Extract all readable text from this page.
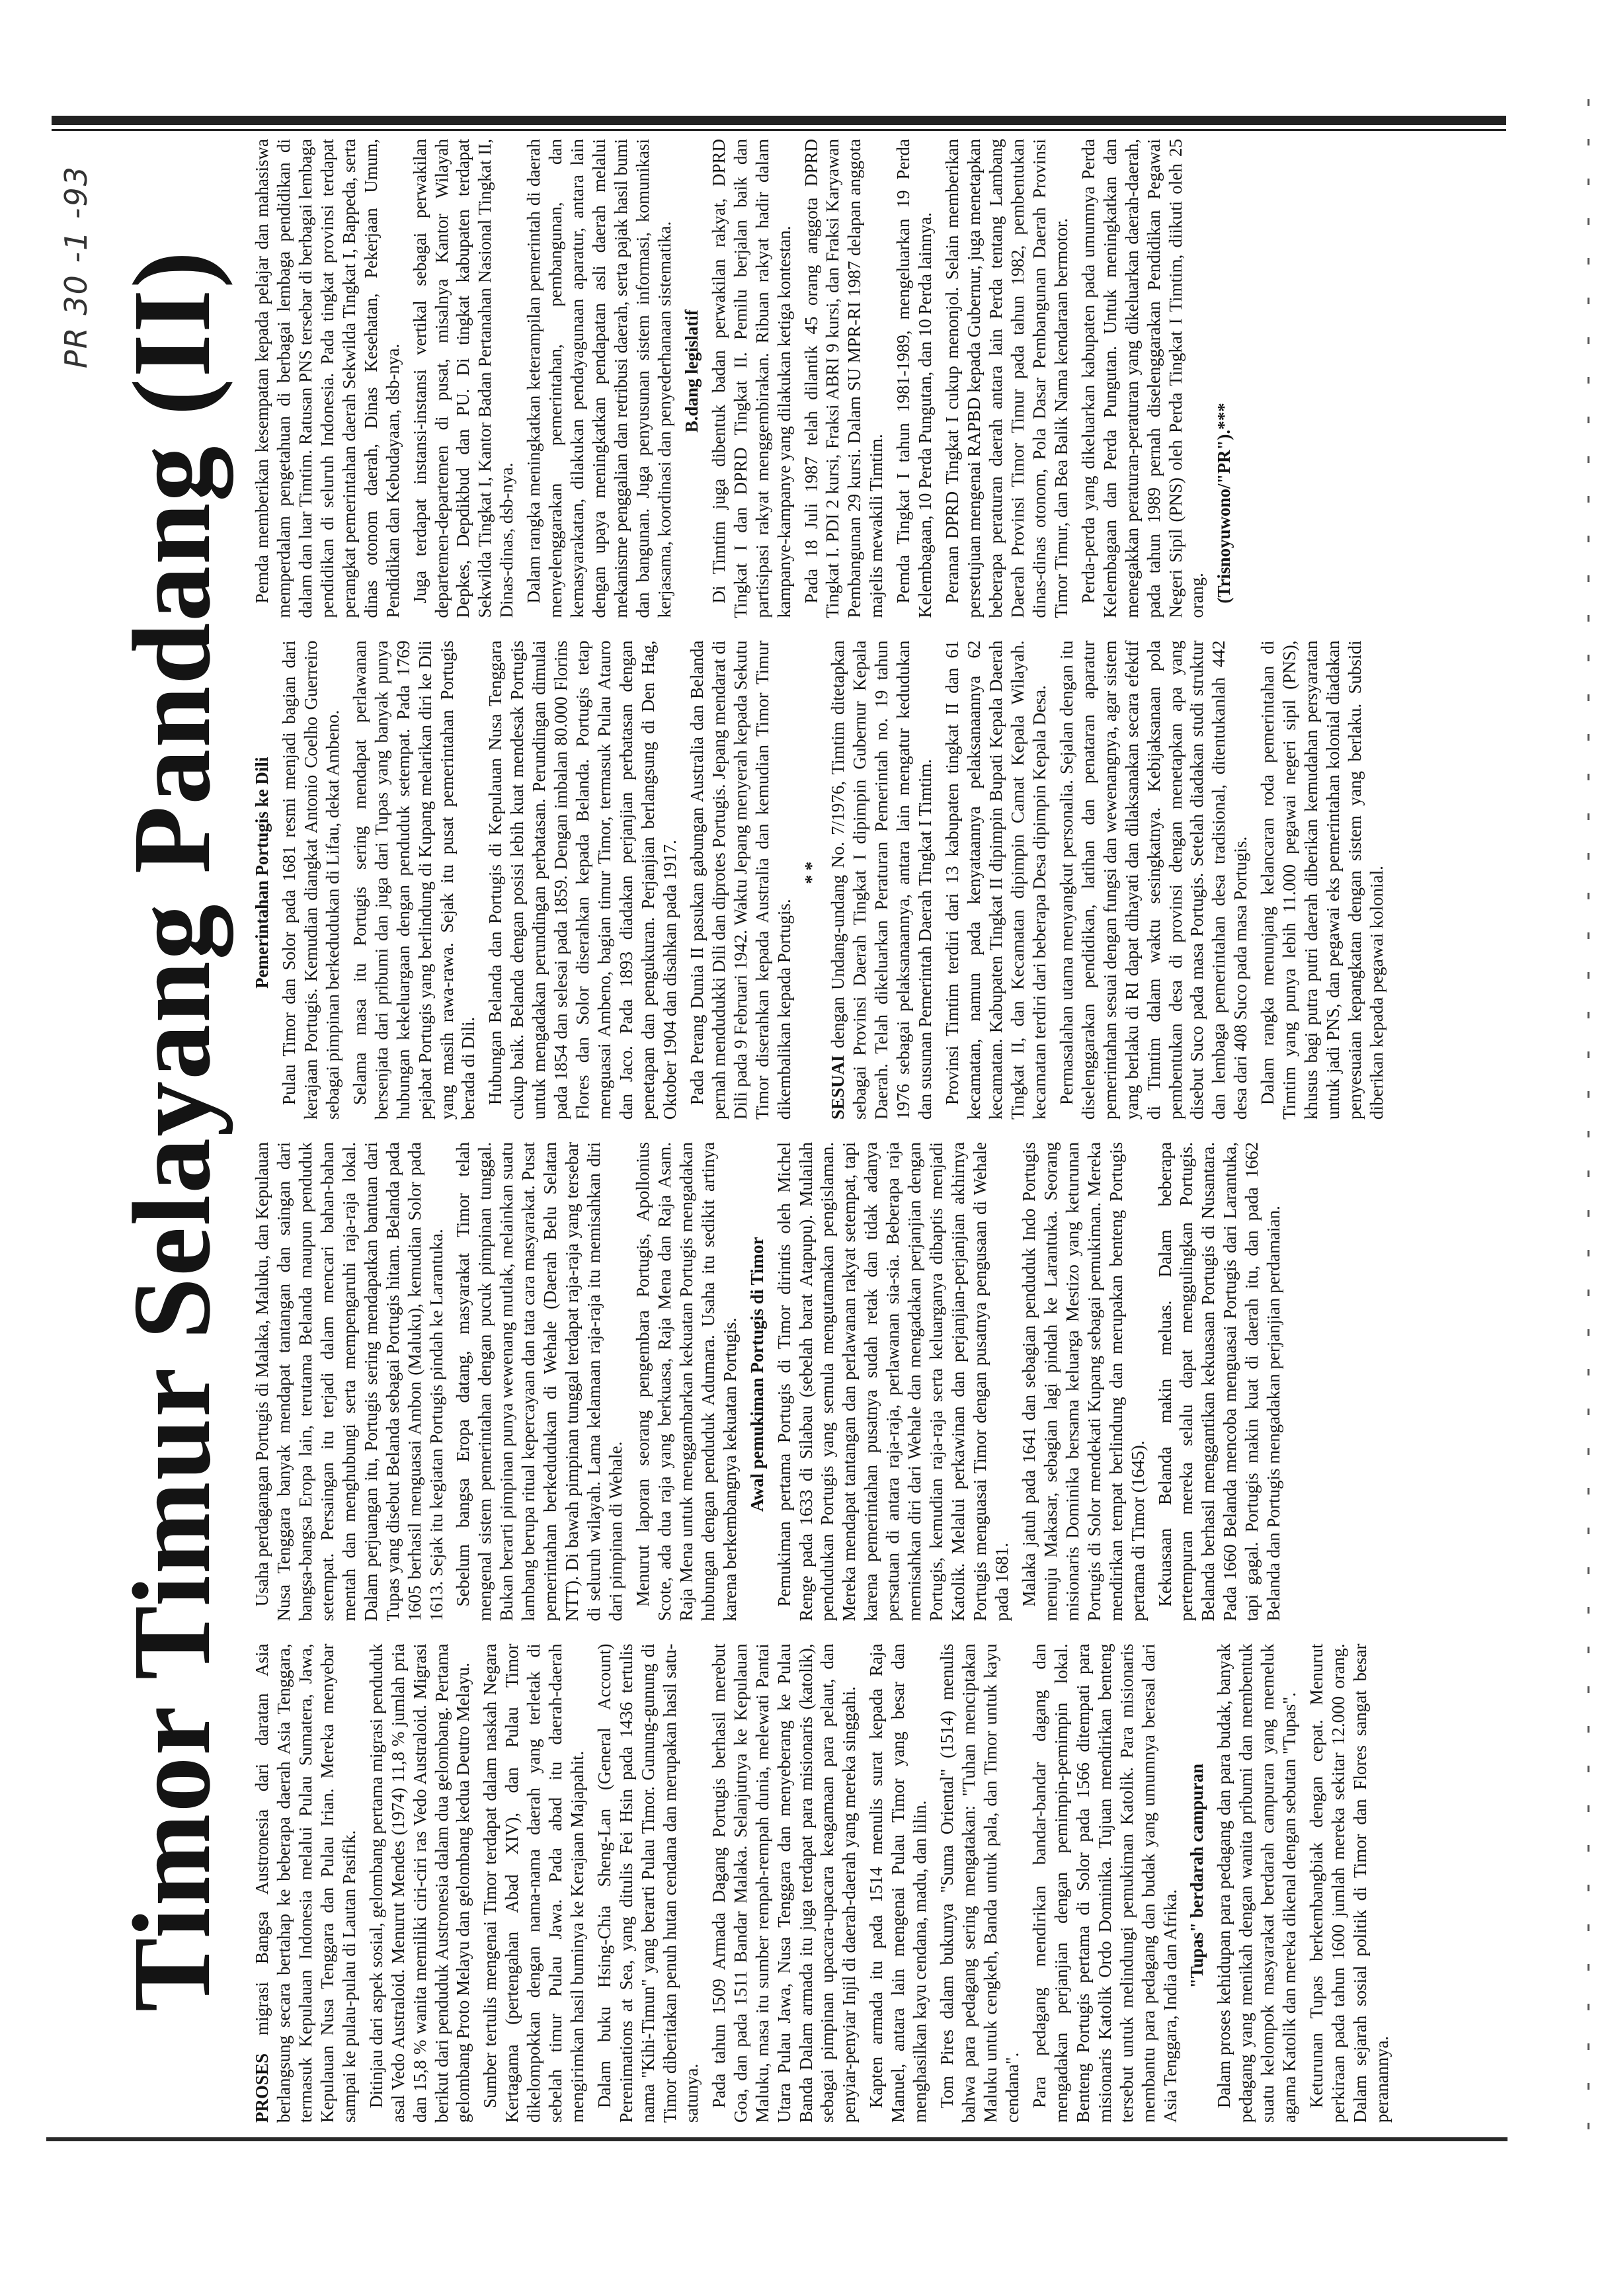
PR 30 -1 -93 Timor Timur Selayang Pandang (II)

PROSES migrasi Bangsa Austronesia dari daratan Asia berlangsung secara bertahap ke beberapa daerah Asia Tenggara, termasuk Kepulauan Indonesia melalui Pulau Sumatera, Jawa, Kepulauan Nusa Tenggara dan Pulau Irian. Mereka menyebar sampai ke pulau-pulau di Lautan Pasifik. Ditinjau dari aspek sosial, gelombang pertama migrasi penduduk asal Vedo Australoid. Menurut Mendes (1974) 11,8 % jumlah pria dan 15,8 % wanita memiliki ciri-ciri ras Vedo Australoid. Migrasi berikut dari penduduk Austronesia dalam dua gelombang. Pertama gelombang Proto Melayu dan gelombang kedua Deutro Melayu. Sumber tertulis mengenai Timor terdapat dalam naskah Negara Kertagama (pertengahan Abad XIV), dan Pulau Timor dikelompokkan dengan nama-nama daerah yang terletak di sebelah timur Pulau Jawa. Pada abad itu daerah-daerah mengirimkan hasil buminya ke Kerajaan Majapahit. Dalam buku Hsing-Chia Sheng-Lan (General Account) Perenimations at Sea, yang ditulis Fei Hsin pada 1436 tertulis nama "Kihi-Timun" yang berarti Pulau Timor. Gunung-gunung di Timor diberitakan penuh hutan cendana dan merupakan hasil satu-satunya. Pada tahun 1509 Armada Dagang Portugis berhasil merebut Goa, dan pada 1511 Bandar Malaka. Selanjutnya ke Kepulauan Maluku, masa itu sumber rempah-rempah dunia, melewati Pantai Utara Pulau Jawa, Nusa Tenggara dan menyeberang ke Pulau Banda Dalam armada itu juga terdapat para misionaris (katolik), sebagai pimpinan upacara-upacara keagamaan para pelaut, dan penyiar-penyiar Injil di daerah-daerah yang mereka singgahi. Kapten armada itu pada 1514 menulis surat kepada Raja Manuel, antara lain mengenai Pulau Timor yang besar dan menghasilkan kayu cendana, madu, dan lilin. Tom Pires dalam bukunya "Suma Oriental" (1514) menulis bahwa para pedagang sering mengatakan: "Tuhan menciptakan Maluku untuk cengkeh, Banda untuk pala, dan Timor untuk kayu cendana". Para pedagang mendirikan bandar-bandar dagang dan mengadakan perjanjian dengan pemimpin-pemimpin lokal. Benteng Portugis pertama di Solor pada 1566 ditempati para misionaris Katolik Ordo Dominika. Tujuan mendirikan benteng tersebut untuk melindungi pemukiman Katolik. Para misionaris membantu para pedagang dan budak yang umumnya berasal dari Asia Tenggara, India dan Afrika.

"Tupas" berdarah campuran Dalam proses kehidupan para pedagang dan para budak, banyak pedagang yang menikah dengan wanita pribumi dan membentuk suatu kelompok masyarakat berdarah campuran yang memeluk agama Katolik dan mereka dikenal dengan sebutan "Tupas". Keturunan Tupas berkembangbiak dengan cepat. Menurut perkiraan pada tahun 1600 jumlah mereka sekitar 12.000 orang. Dalam sejarah sosial politik di Timor dan Flores sangat besar peranannya.

Usaha perdagangan Portugis di Malaka, Maluku, dan Kepulauan Nusa Tenggara banyak mendapat tantangan dan saingan dari bangsa-bangsa Eropa lain, terutama Belanda maupun penduduk setempat. Persaingan itu terjadi dalam mencari bahan-bahan mentah dan menghubungi serta mempengaruhi raja-raja lokal. Dalam perjuangan itu, Portugis sering mendapatkan bantuan dari Tupas yang disebut Belanda sebagai Portugis hitam. Belanda pada 1605 berhasil menguasai Ambon (Maluku), kemudian Solor pada 1613. Sejak itu kegiatan Portugis pindah ke Larantuka. Sebelum bangsa Eropa datang, masyarakat Timor telah mengenal sistem pemerintahan dengan pucuk pimpinan tunggal. Bukan berarti pimpinan punya wewenang mutlak, melainkan suatu lambang berupa ritual kepercayaan dan tata cara masyarakat. Pusat pemerintahan berkedudukan di Wehale (Daerah Belu Selatan NTT). Di bawah pimpinan tunggal terdapat raja-raja yang tersebar di seluruh wilayah. Lama kelamaan raja-raja itu memisahkan diri dari pimpinan di Wehale. Menurut laporan seorang pengembara Portugis, Apollonius Scote, ada dua raja yang berkuasa, Raja Mena dan Raja Asam. Raja Mena untuk menggambarkan kekuatan Portugis mengadakan hubungan dengan penduduk Adumara. Usaha itu sedikit artinya karena berkembangnya kekuatan Portugis. Awal pemukiman Portugis di Timor Pemukiman pertama Portugis di Timor dirintis oleh Michel Renge pada 1633 di Silabau (sebelah barat Atapupu). Mulailah pendudukan Portugis yang semula mengutamakan pengislaman. Mereka mendapat tantangan dan perlawanan rakyat setempat, tapi karena pemerintahan pusatnya sudah retak dan tidak adanya persatuan di antara raja-raja, perlawanan sia-sia. Beberapa raja memisahkan diri dari Wehale dan mengadakan perjanjian dengan Portugis, kemudian raja-raja serta keluarganya dibaptis menjadi Katolik. Melalui perkawinan dan perjanjian-perjanjian akhirnya Portugis menguasai Timor dengan pusatnya pengusaan di Wehale pada 1681. Malaka jatuh pada 1641 dan sebagian penduduk Indo Portugis menuju Makasar, sebagian lagi pindah ke Larantuka. Seorang misionaris Dominika bersama keluarga Mestizo yang keturunan Portugis di Solor mendekati Kupang sebagai pemukiman. Mereka mendirikan tempat berlindung dan merupakan benteng Portugis pertama di Timor (1645). Kekuasaan Belanda makin meluas. Dalam beberapa pertempuran mereka selalu dapat menggulingkan Portugis. Belanda berhasil menggantikan kekuasaan Portugis di Nusantara. Pada 1660 Belanda mencoba menguasai Portugis dari Larantuka, tapi gagal. Portugis makin kuat di daerah itu, dan pada 1662 Belanda dan Portugis mengadakan perjanjian perdamaian.

Pemerintahan Portugis ke Dili Pulau Timor dan Solor pada 1681 resmi menjadi bagian dari kerajaan Portugis. Kemudian diangkat Antonio Coelho Guerreiro sebagai pimpinan berkedudukan di Lifau, dekat Ambeno. Selama masa itu Portugis sering mendapat perlawanan bersenjata dari pribumi dan juga dari Tupas yang banyak punya hubungan kekeluargaan dengan penduduk setempat. Pada 1769 pejabat Portugis yang berlindung di Kupang melarikan diri ke Dili yang masih rawa-rawa. Sejak itu pusat pemerintahan Portugis berada di Dili. Hubungan Belanda dan Portugis di Kepulauan Nusa Tenggara cukup baik. Belanda dengan posisi lebih kuat mendesak Portugis untuk mengadakan perundingan perbatasan. Perundingan dimulai pada 1854 dan selesai pada 1859. Dengan imbalan 80.000 Florins Flores dan Solor diserahkan kepada Belanda. Portugis tetap menguasai Ambeno, bagian timur Timor, termasuk Pulau Atauro dan Jaco. Pada 1893 diadakan perjanjian perbatasan dengan penetapan dan pengukuran. Perjanjian berlangsung di Den Hag, Oktober 1904 dan disahkan pada 1917. Pada Perang Dunia II pasukan gabungan Australia dan Belanda pernah mendudukki Dili dan diprotes Portugis. Jepang mendarat di Dili pada 9 Februari 1942. Waktu Jepang menyerah kepada Sekutu Timor diserahkan kepada Australia dan kemudian Timor Timur dikembalikan kepada Portugis.

* *

SESUAI dengan Undang-undang No. 7/1976, Timtim ditetapkan sebagai Provinsi Daerah Tingkat I dipimpin Gubernur Kepala Daerah. Telah dikeluarkan Peraturan Pemerintah no. 19 tahun 1976 sebagai pelaksanaannya, antara lain mengatur kedudukan dan susunan Pemerintah Daerah Tingkat I Timtim. Provinsi Timtim terdiri dari 13 kabupaten tingkat II dan 61 kecamatan, namun pada kenyataannya pelaksanaannya 62 kecamatan. Kabupaten Tingkat II dipimpin Bupati Kepala Daerah Tingkat II, dan Kecamatan dipimpin Camat Kepala Wilayah. kecamatan terdiri dari beberapa Desa dipimpin Kepala Desa. Permasalahan utama menyangkut personalia. Sejalan dengan itu diselenggarakan pendidikan, latihan dan penataran aparatur pemerintahan sesuai dengan fungsi dan wewenangnya, agar sistem yang berlaku di RI dapat dihayati dan dilaksanakan secara efektif di Timtim dalam waktu sesingkatnya. Kebijaksanaan pola pembentukan desa di provinsi dengan menetapkan apa yang disebut Suco pada masa Portugis. Setelah diadakan studi struktur dan lembaga pemerintahan desa tradisional, ditentukanlah 442 desa dari 408 Suco pada masa Portugis. Dalam rangka menunjang kelancaran roda pemerintahan di Timtim yang punya lebih 11.000 pegawai negeri sipil (PNS), khusus bagi putra putri daerah diberikan kemudahan persyaratan untuk jadi PNS, dan pegawai eks pemerintahan kolonial diadakan penyesuaian kepangkatan dengan sistem yang berlaku. Subsidi diberikan kepada pegawai kolonial.

Pemda memberikan kesempatan kepada pelajar dan mahasiswa memperdalam pengetahuan di berbagai lembaga pendidikan di dalam dan luar Timtim. Ratusan PNS tersebar di berbagai lembaga pendidikan di seluruh Indonesia. Pada tingkat provinsi terdapat perangkat pemerintahan daerah Sekwilda Tingkat I, Bappeda, serta dinas otonom daerah, Dinas Kesehatan, Pekerjaan Umum, Pendidikan dan Kebudayaan, dsb-nya. Juga terdapat instansi-instansi vertikal sebagai perwakilan departemen-departemen di pusat, misalnya Kantor Wilayah Depkes, Depdikbud dan PU. Di tingkat kabupaten terdapat Sekwilda Tingkat I, Kantor Badan Pertanahan Nasional Tingkat II, Dinas-dinas, dsb-nya. Dalam rangka meningkatkan keterampilan pemerintah di daerah menyelenggarakan pemerintahan, pembangunan, dan kemasyarakatan, dilakukan pendayagunaan aparatur, antara lain dengan upaya meningkatkan pendapatan asli daerah melalui mekanisme penggalian dan retribusi daerah, serta pajak hasil bumi dan bangunan. Juga penyusunan sistem informasi, komunikasi kerjasama, koordinasi dan penyederhanaan sistematika. B.dang legislatif Di Timtim juga dibentuk badan perwakilan rakyat, DPRD Tingkat I dan DPRD Tingkat II. Pemilu berjalan baik dan partisipasi rakyat menggembirakan. Ribuan rakyat hadir dalam kampanye-kampanye yang dilakukan ketiga kontestan. Pada 18 Juli 1987 telah dilantik 45 orang anggota DPRD Tingkat I. PDI 2 kursi, Fraksi ABRI 9 kursi, dan Fraksi Karyawan Pembangunan 29 kursi. Dalam SU MPR-RI 1987 delapan anggota majelis mewakili Timtim. Pemda Tingkat I tahun 1981-1989, mengeluarkan 19 Perda Kelembagaan, 10 Perda Pungutan, dan 10 Perda lainnya. Peranan DPRD Tingkat I cukup menonjol. Selain memberikan persetujuan mengenai RAPBD kepada Gubernur, juga menetapkan beberapa peraturan daerah antara lain Perda tentang Lambang Daerah Provinsi Timor Timur pada tahun 1982, pembentukan dinas-dinas otonom, Pola Dasar Pembangunan Daerah Provinsi Timor Timur, dan Bea Balik Nama kendaraan bermotor. Perda-perda yang dikeluarkan kabupaten pada umumnya Perda Kelembagaan dan Perda Pungutan. Untuk meningkatkan dan menegakkan peraturan-peraturan yang dikeluarkan daerah-daerah, pada tahun 1989 pernah diselenggarakan Pendidikan Pegawai Negeri Sipil (PNS) oleh Perda Tingkat I Timtim, diikuti oleh 25 orang. (Trisnoyuwono/"PR").***
